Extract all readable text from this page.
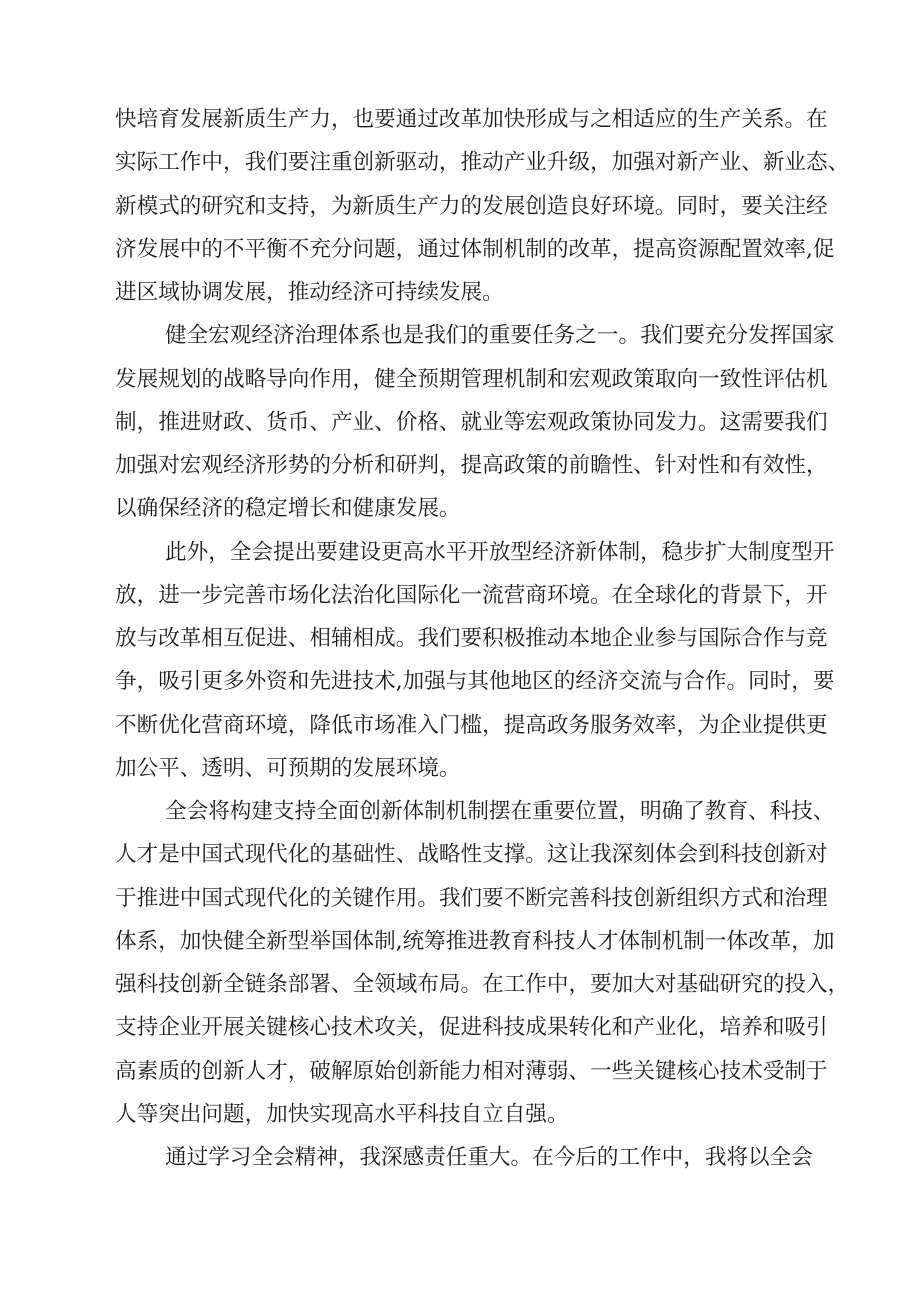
快培育发展新质生产力，也要通过改革加快形成与之相适应的生产关系。在
实际工作中，我们要注重创新驱动，推动产业升级，加强对新产业、新业态、
新模式的研究和支持，为新质生产力的发展创造良好环境。同时，要关注经
济发展中的不平衡不充分问题，通过体制机制的改革，提高资源配置效率,促
进区域协调发展，推动经济可持续发展。
健全宏观经济治理体系也是我们的重要任务之一。我们要充分发挥国家
发展规划的战略导向作用，健全预期管理机制和宏观政策取向一致性评估机
制，推进财政、货币、产业、价格、就业等宏观政策协同发力。这需要我们
加强对宏观经济形势的分析和研判，提高政策的前瞻性、针对性和有效性，
以确保经济的稳定增长和健康发展。
此外，全会提出要建设更高水平开放型经济新体制，稳步扩大制度型开
放，进一步完善市场化法治化国际化一流营商环境。在全球化的背景下，开
放与改革相互促进、相辅相成。我们要积极推动本地企业参与国际合作与竞
争，吸引更多外资和先进技术,加强与其他地区的经济交流与合作。同时，要
不断优化营商环境，降低市场准入门槛，提高政务服务效率，为企业提供更
加公平、透明、可预期的发展环境。
全会将构建支持全面创新体制机制摆在重要位置，明确了教育、科技、
人才是中国式现代化的基础性、战略性支撑。这让我深刻体会到科技创新对
于推进中国式现代化的关键作用。我们要不断完善科技创新组织方式和治理
体系，加快健全新型举国体制,统筹推进教育科技人才体制机制一体改革，加
强科技创新全链条部署、全领域布局。在工作中，要加大对基础研究的投入，
支持企业开展关键核心技术攻关，促进科技成果转化和产业化，培养和吸引
高素质的创新人才，破解原始创新能力相对薄弱、一些关键核心技术受制于
人等突出问题，加快实现高水平科技自立自强。
通过学习全会精神，我深感责任重大。在今后的工作中，我将以全会
